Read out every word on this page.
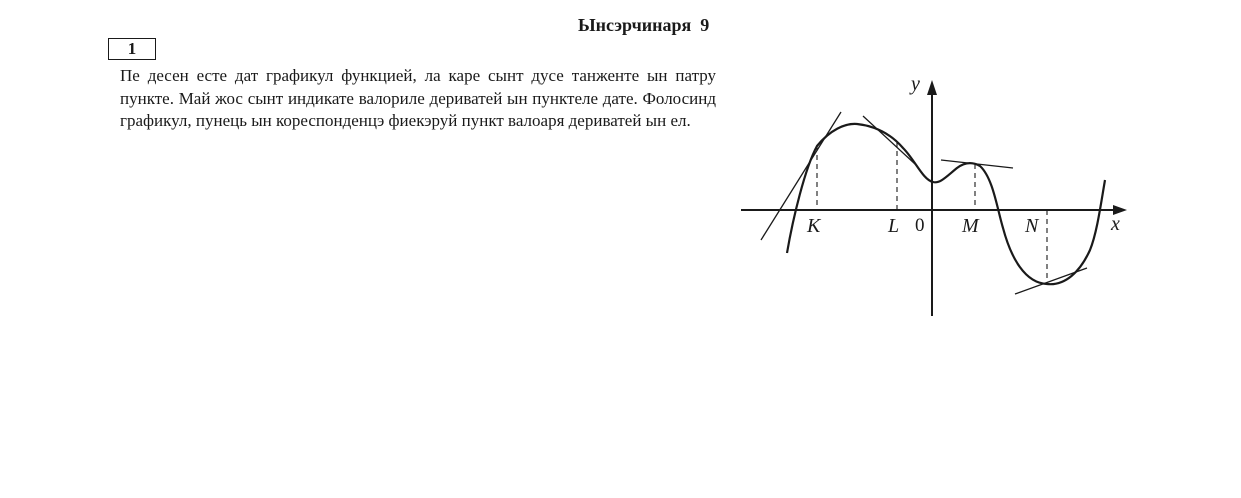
Ынсэрчинаря  9
1

Пе десен есте дат графикул функцией, ла каре сынт дусе танженте ын патру пункте. Май жос сынт индикате валориле дериватей ын пунктеле дате. Фолосинд графикул, пунець ын кореспонденцэ фиекэруй пункт валоаря дериватей ын ел.

y
x
0
K	L	M N
